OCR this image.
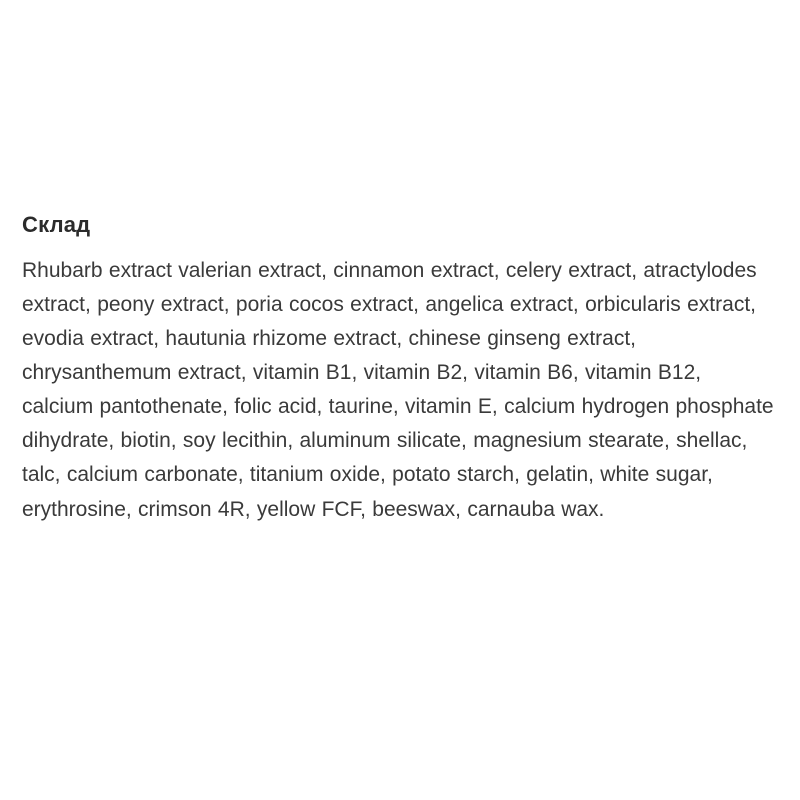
Склад

Rhubarb extract valerian extract, cinnamon extract, celery extract, atractylodes extract, peony extract, poria cocos extract, angelica extract, orbicularis extract, evodia extract, hautunia rhizome extract, chinese ginseng extract, chrysanthemum extract, vitamin B1, vitamin B2, vitamin B6, vitamin B12, calcium pantothenate, folic acid, taurine, vitamin E, calcium hydrogen phosphate dihydrate, biotin, soy lecithin, aluminum silicate, magnesium stearate, shellac, talc, calcium carbonate, titanium oxide, potato starch, gelatin, white sugar, erythrosine, crimson 4R, yellow FCF, beeswax, carnauba wax.
